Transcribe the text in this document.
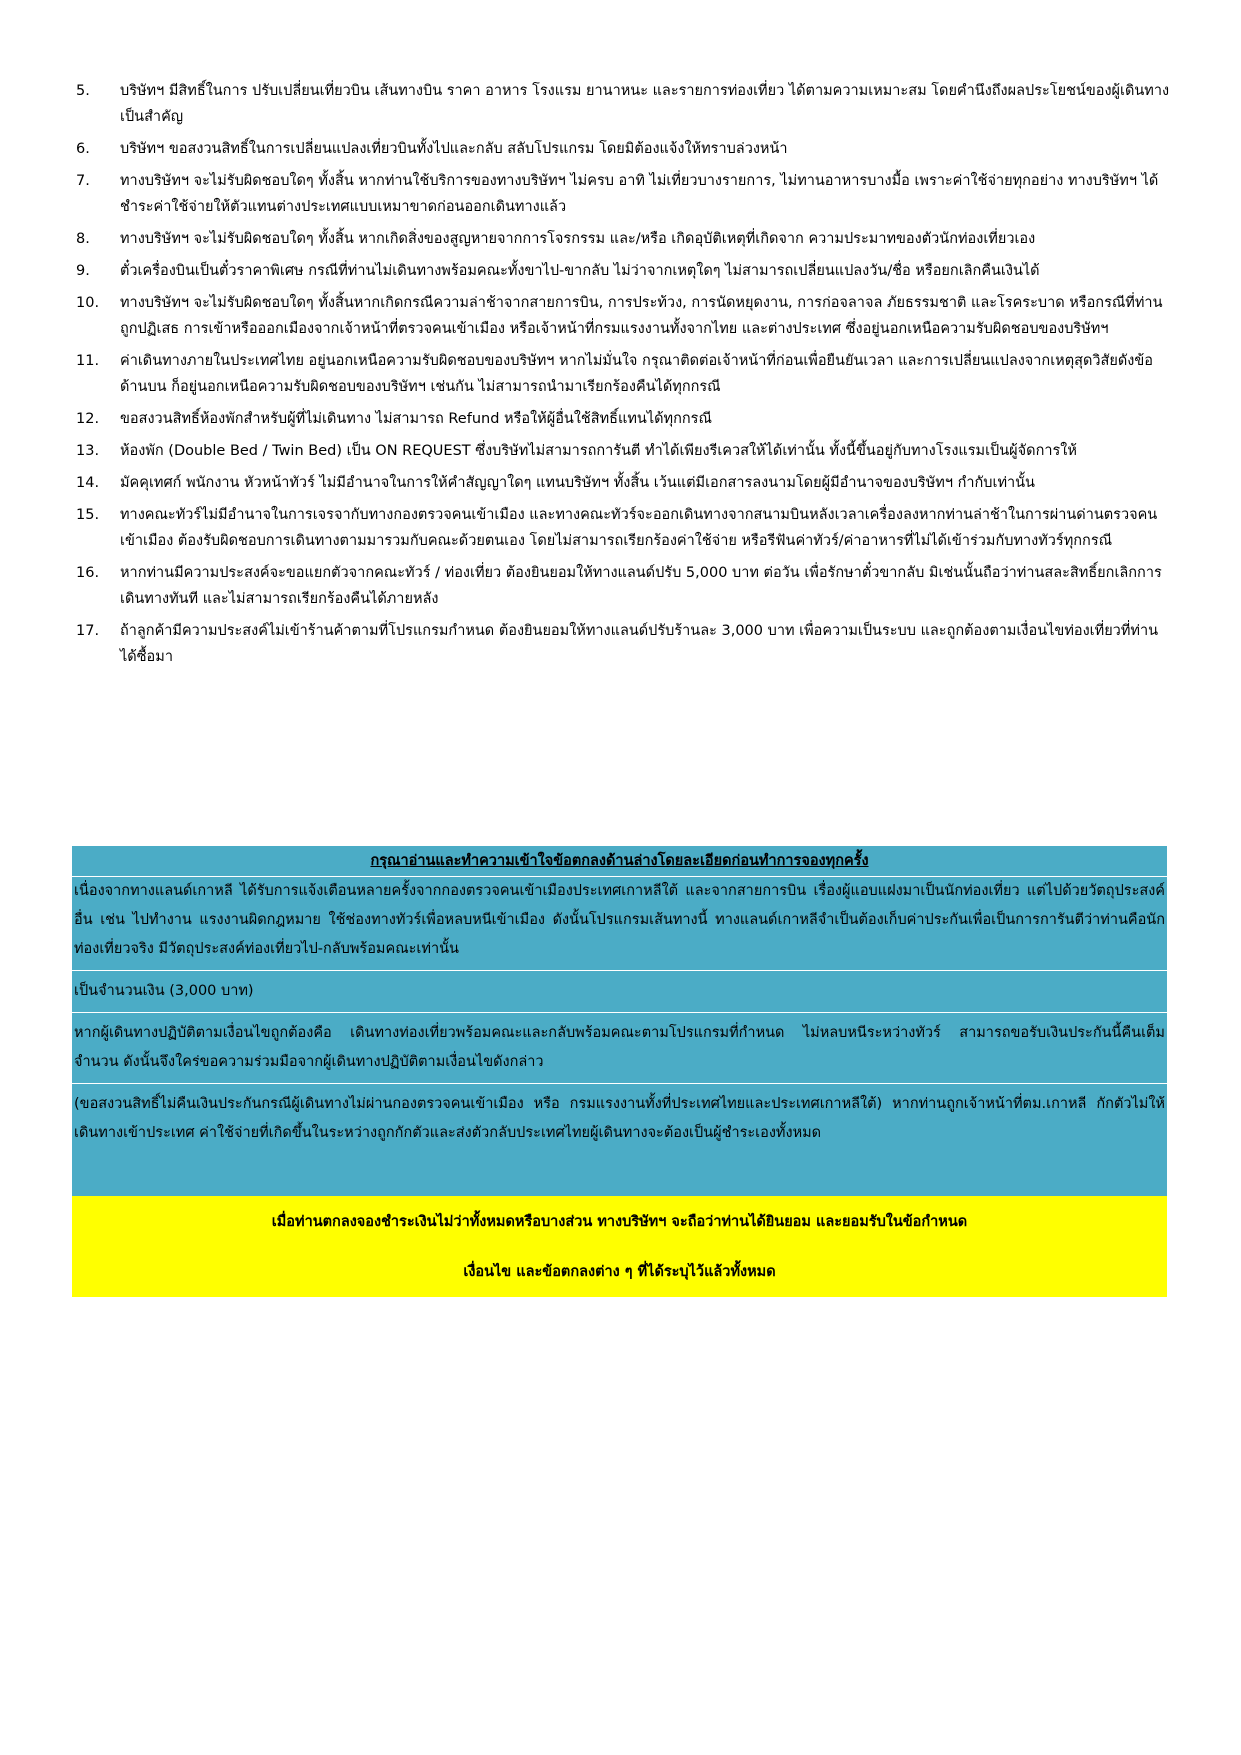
5. บริษัทฯ มีสิทธิ์ในการ ปรับเปลี่ยนเที่ยวบิน เส้นทางบิน ราคา อาหาร โรงแรม ยานาหนะ และรายการท่องเที่ยว ได้ตามความเหมาะสม โดยคำนึงถึงผลประโยชน์ของผู้เดินทางเป็นสำคัญ
6. บริษัทฯ ขอสงวนสิทธิ์ในการเปลี่ยนแปลงเที่ยวบินทั้งไปและกลับ สลับโปรแกรม โดยมิต้องแจ้งให้ทราบล่วงหน้า
7. ทางบริษัทฯ จะไม่รับผิดชอบใดๆ ทั้งสิ้น หากท่านใช้บริการของทางบริษัทฯ ไม่ครบ อาทิ ไม่เที่ยวบางรายการ, ไม่ทานอาหารบางมื้อ เพราะค่าใช้จ่ายทุกอย่าง ทางบริษัทฯ ได้ชำระค่าใช้จ่ายให้ตัวแทนต่างประเทศแบบเหมาขาดก่อนออกเดินทางแล้ว
8. ทางบริษัทฯ จะไม่รับผิดชอบใดๆ ทั้งสิ้น หากเกิดสิ่งของสูญหายจากการโจรกรรม และ/หรือ เกิดอุบัติเหตุที่เกิดจาก ความประมาทของตัวนักท่องเที่ยวเอง
9. ตั๋วเครื่องบินเป็นตั๋วราคาพิเศษ กรณีที่ท่านไม่เดินทางพร้อมคณะทั้งขาไป-ขากลับ ไม่ว่าจากเหตุใดๆ ไม่สามารถเปลี่ยนแปลงวัน/ชื่อ หรือยกเลิกคืนเงินได้
10. ทางบริษัทฯ จะไม่รับผิดชอบใดๆ ทั้งสิ้นหากเกิดกรณีความล่าช้าจากสายการบิน, การประท้วง, การนัดหยุดงาน, การก่อจลาจล ภัยธรรมชาติ และโรคระบาด หรือกรณีที่ท่านถูกปฏิเสธ การเข้าหรือออกเมืองจากเจ้าหน้าที่ตรวจคนเข้าเมือง หรือเจ้าหน้าที่กรมแรงงานทั้งจากไทย และต่างประเทศ ซึ่งอยู่นอกเหนือความรับผิดชอบของบริษัทฯ
11. ค่าเดินทางภายในประเทศไทย อยู่นอกเหนือความรับผิดชอบของบริษัทฯ หากไม่มั่นใจ กรุณาติดต่อเจ้าหน้าที่ก่อนเพื่อยืนยันเวลา และการเปลี่ยนแปลงจากเหตุสุดวิสัยดังข้อด้านบน ก็อยู่นอกเหนือความรับผิดชอบของบริษัทฯ เช่นกัน ไม่สามารถนำมาเรียกร้องคืนได้ทุกกรณี
12. ขอสงวนสิทธิ์ห้องพักสำหรับผู้ที่ไม่เดินทาง ไม่สามารถ Refund หรือให้ผู้อื่นใช้สิทธิ์แทนได้ทุกกรณี
13. ห้องพัก (Double Bed / Twin Bed) เป็น ON REQUEST ซึ่งบริษัทไม่สามารถการันตี ทำได้เพียงรีเควสให้ได้เท่านั้น ทั้งนี้ขึ้นอยู่กับทางโรงแรมเป็นผู้จัดการให้
14. มัคคุเทศก์ พนักงาน หัวหน้าทัวร์ ไม่มีอำนาจในการให้คำสัญญาใดๆ แทนบริษัทฯ ทั้งสิ้น เว้นแต่มีเอกสารลงนามโดยผู้มีอำนาจของบริษัทฯ กำกับเท่านั้น
15. ทางคณะทัวร์ไม่มีอำนาจในการเจรจากับทางกองตรวจคนเข้าเมือง และทางคณะทัวร์จะออกเดินทางจากสนามบินหลังเวลาเครื่องลงหากท่านล่าช้าในการผ่านด่านตรวจคนเข้าเมือง ต้องรับผิดชอบการเดินทางตามมารวมกับคณะด้วยตนเอง โดยไม่สามารถเรียกร้องค่าใช้จ่าย หรือรีฟันค่าทัวร์/ค่าอาหารที่ไม่ได้เข้าร่วมกับทางทัวร์ทุกกรณี
16. หากท่านมีความประสงค์จะขอแยกตัวจากคณะทัวร์ / ท่องเที่ยว ต้องยินยอมให้ทางแลนด์ปรับ 5,000 บาท ต่อวัน เพื่อรักษาตั๋วขากลับ มิเช่นนั้นถือว่าท่านสละสิทธิ์ยกเลิกการเดินทางทันที และไม่สามารถเรียกร้องคืนได้ภายหลัง
17. ถ้าลูกค้ามีความประสงค์ไม่เข้าร้านค้าตามที่โปรแกรมกำหนด ต้องยินยอมให้ทางแลนด์ปรับร้านละ 3,000 บาท เพื่อความเป็นระบบ และถูกต้องตามเงื่อนไขท่องเที่ยวที่ท่านได้ซื้อมา
กรุณาอ่านและทำความเข้าใจข้อตกลงด้านล่างโดยละเอียดก่อนทำการจองทุกครั้ง
เนื่องจากทางแลนด์เกาหลี ได้รับการแจ้งเตือนหลายครั้งจากกองตรวจคนเข้าเมืองประเทศเกาหลีใต้ และจากสายการบิน เรื่องผู้แอบแฝงมาเป็นนักท่องเที่ยว แต่ไปด้วยวัตถุประสงค์อื่น เช่น ไปทำงาน แรงงานผิดกฎหมาย ใช้ช่องทางทัวร์เพื่อหลบหนีเข้าเมือง ดังนั้นโปรแกรมเส้นทางนี้ ทางแลนด์เกาหลีจำเป็นต้องเก็บค่าประกันเพื่อเป็นการการันตีว่าท่านคือนักท่องเที่ยวจริง มีวัตถุประสงค์ท่องเที่ยวไป-กลับพร้อมคณะเท่านั้น
เป็นจำนวนเงิน (3,000 บาท)
หากผู้เดินทางปฏิบัติตามเงื่อนไขถูกต้องคือ เดินทางท่องเที่ยวพร้อมคณะและกลับพร้อมคณะตามโปรแกรมที่กำหนด ไม่หลบหนีระหว่างทัวร์ สามารถขอรับเงินประกันนี้คืนเต็มจำนวน ดังนั้นจึงใคร่ขอความร่วมมือจากผู้เดินทางปฏิบัติตามเงื่อนไขดังกล่าว
(ขอสงวนสิทธิ์ไม่คืนเงินประกันกรณีผู้เดินทางไม่ผ่านกองตรวจคนเข้าเมือง หรือ กรมแรงงานทั้งที่ประเทศไทยและประเทศเกาหลีใต้) หากท่านถูกเจ้าหน้าที่ตม.เกาหลี กักตัวไม่ให้เดินทางเข้าประเทศ ค่าใช้จ่ายที่เกิดขึ้นในระหว่างถูกกักตัวและส่งตัวกลับประเทศไทยผู้เดินทางจะต้องเป็นผู้ชำระเองทั้งหมด
เมื่อท่านตกลงจองชำระเงินไม่ว่าทั้งหมดหรือบางส่วน ทางบริษัทฯ จะถือว่าท่านได้ยินยอม และยอมรับในข้อกำหนด
เงื่อนไข และข้อตกลงต่าง ๆ ที่ได้ระบุไว้แล้วทั้งหมด
